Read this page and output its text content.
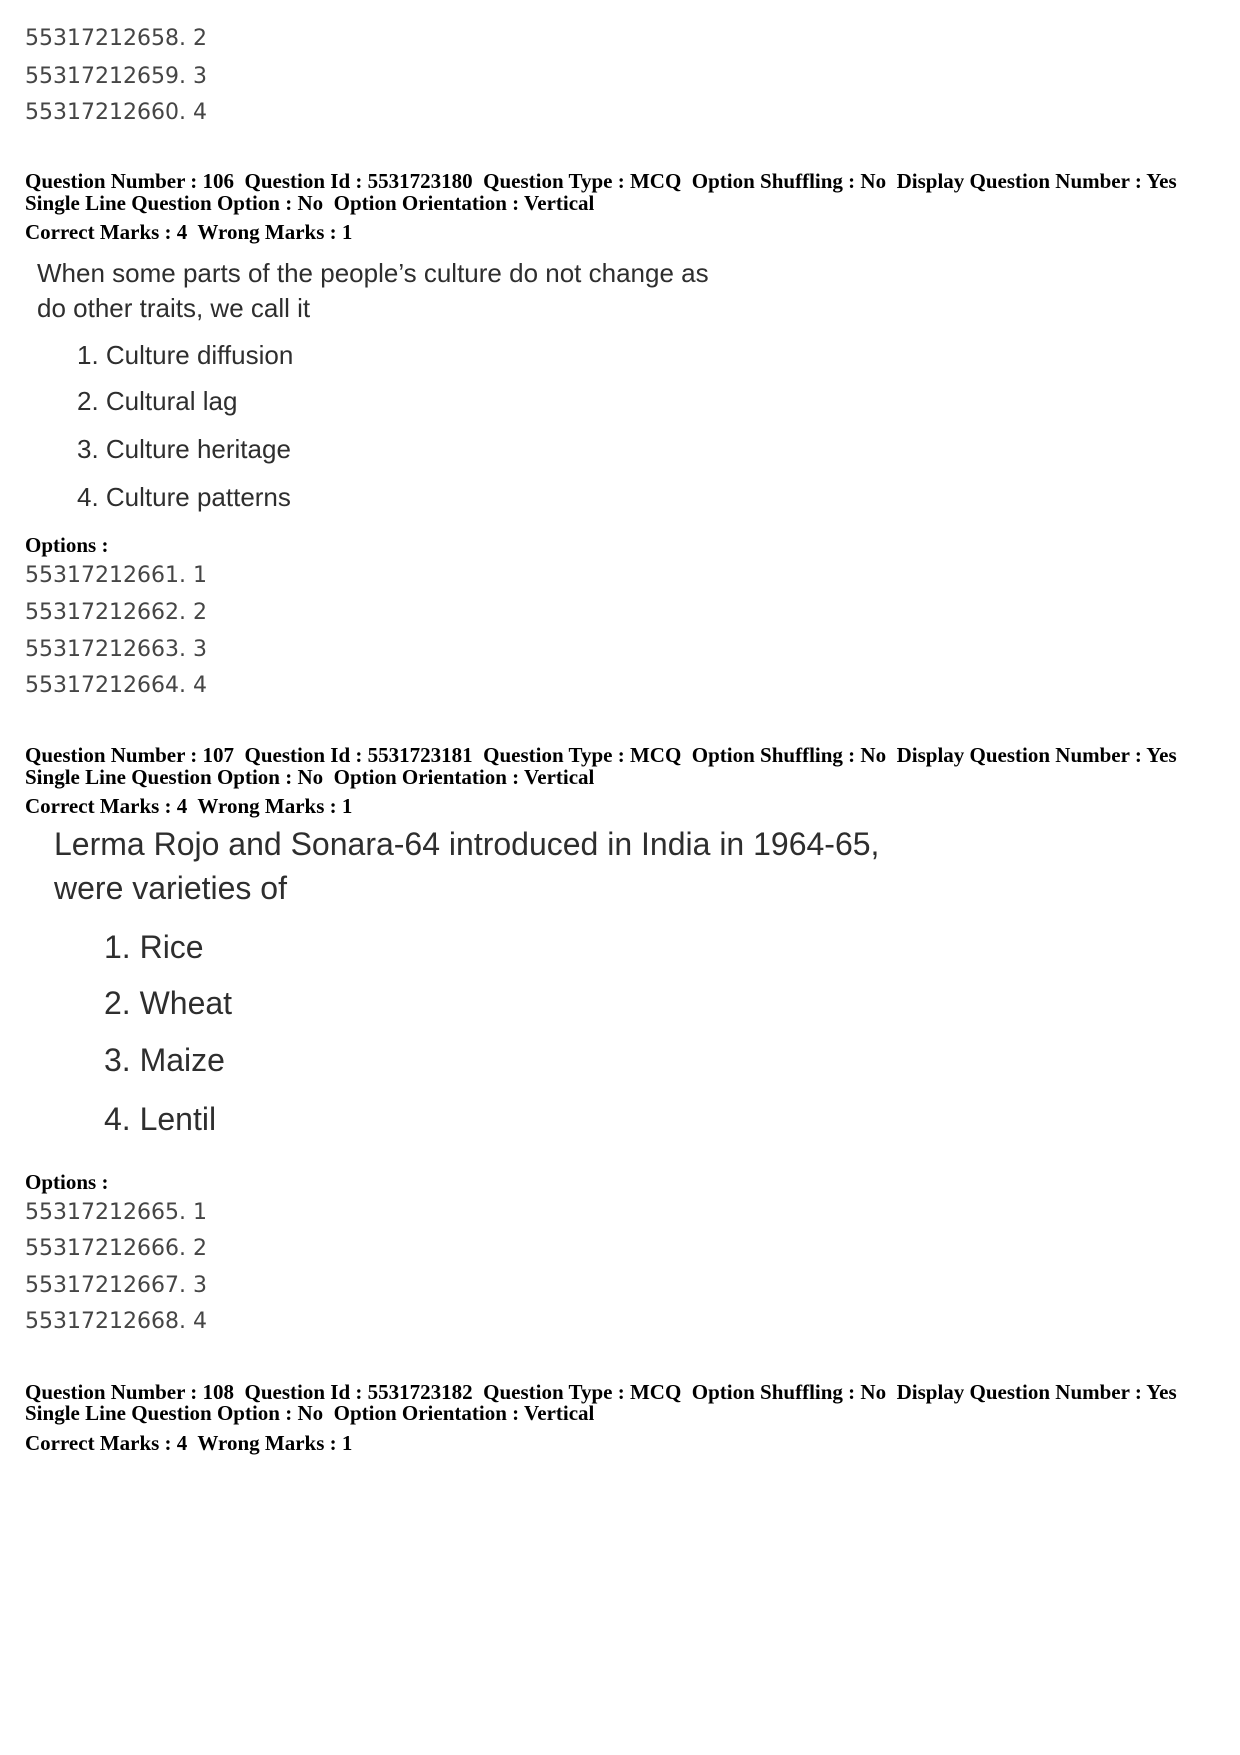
55317212658. 2
55317212659. 3
55317212660. 4
Question Number : 106  Question Id : 5531723180  Question Type : MCQ  Option Shuffling : No  Display Question Number : Yes
Single Line Question Option : No  Option Orientation : Vertical
Correct Marks : 4  Wrong Marks : 1
When some parts of the people’s culture do not change as
do other traits, we call it
1. Culture diffusion
2. Cultural lag
3. Culture heritage
4. Culture patterns
Options :
55317212661. 1
55317212662. 2
55317212663. 3
55317212664. 4
Question Number : 107  Question Id : 5531723181  Question Type : MCQ  Option Shuffling : No  Display Question Number : Yes
Single Line Question Option : No  Option Orientation : Vertical
Correct Marks : 4  Wrong Marks : 1
Lerma Rojo and Sonara-64 introduced in India in 1964-65,
were varieties of
1. Rice
2. Wheat
3. Maize
4. Lentil
Options :
55317212665. 1
55317212666. 2
55317212667. 3
55317212668. 4
Question Number : 108  Question Id : 5531723182  Question Type : MCQ  Option Shuffling : No  Display Question Number : Yes
Single Line Question Option : No  Option Orientation : Vertical
Correct Marks : 4  Wrong Marks : 1
